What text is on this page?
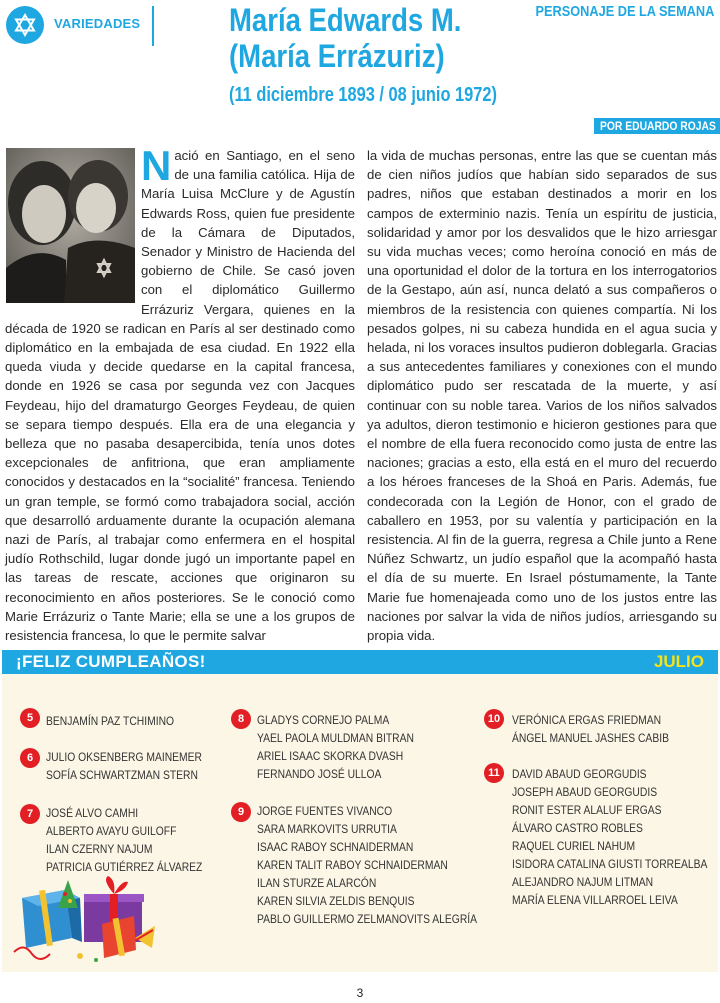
VARIEDADES	María Edwards M.
(María Errázuriz)
(11 diciembre 1893 / 08 junio 1972)
PERSONAJE DE LA SEMANA
POR EDUARDO ROJAS
N ació en Santiago, en el seno de una familia católica. Hija de María Luisa McClure y de Agustín Edwards Ross, quien fue presidente de la Cámara de Diputados, Senador y Ministro de Hacienda del gobierno de Chile. Se casó joven con el diplomático Guillermo Errázuriz Vergara, quienes en la década de 1920 se radican en París al ser destinado como diplomático en la embajada de esa ciudad. En 1922 ella queda viuda y decide quedarse en la capital francesa, donde en 1926 se casa por segunda vez con Jacques Feydeau, hijo del dramaturgo Georges Feydeau, de quien se separa tiempo después. Ella era de una elegancia y belleza que no pasaba desapercibida, tenía unos dotes excepcionales de anfitriona, que eran ampliamente conocidos y destacados en la “socialité” francesa. Teniendo un gran temple, se formó como trabajadora social, acción que desarrolló arduamente durante la ocupación alemana nazi de París, al trabajar como enfermera en el hospital judío Rothschild, lugar donde jugó un importante papel en las tareas de rescate, acciones que originaron su reconocimiento en años posteriores. Se le conoció como Marie Errázuriz o Tante Marie; ella se une a los grupos de resistencia francesa, lo que le permite salvar
la vida de muchas personas, entre las que se cuentan más de cien niños judíos que habían sido separados de sus padres, niños que estaban destinados a morir en los campos de exterminio nazis. Tenía un espíritu de justicia, solidaridad y amor por los desvalidos que le hizo arriesgar su vida muchas veces; como heroína conoció en más de una oportunidad el dolor de la tortura en los interrogatorios de la Gestapo, aún así, nunca delató a sus compañeros o miembros de la resistencia con quienes compartía. Ni los pesados golpes, ni su cabeza hundida en el agua sucia y helada, ni los voraces insultos pudieron doblegarla. Gracias a sus antecedentes familiares y conexiones con el mundo diplomático pudo ser rescatada de la muerte, y así continuar con su noble tarea. Varios de los niños salvados ya adultos, dieron testimonio e hicieron gestiones para que el nombre de ella fuera reconocido como justa de entre las naciones; gracias a esto, ella está en el muro del recuerdo a los héroes franceses de la Shoá en Paris. Además, fue condecorada con la Legión de Honor, con el grado de caballero en 1953, por su valentía y participación en la resistencia. Al fin de la guerra, regresa a Chile junto a Rene Núñez Schwartz, un judío español que la acompañó hasta el día de su muerte. En Israel póstumamente, la Tante Marie fue homenajeada como uno de los justos entre las naciones por salvar la vida de niños judíos, arriesgando su propia vida.
¡FELIZ CUMPLEAÑOS!	JULIO
5	BENJAMÍN PAZ TCHIMINO
6	JULIO OKSENBERG MAINEMER
SOFÍA SCHWARTZMAN STERN
7	JOSÉ ALVO CAMHI
ALBERTO AVAYU GUILOFF
ILAN CZERNY NAJUM
PATRICIA GUTIÉRREZ ÁLVAREZ
8	GLADYS CORNEJO PALMA
YAEL PAOLA MULDMAN BITRAN
ARIEL ISAAC SKORKA DVASH
FERNANDO JOSÉ ULLOA
9	JORGE FUENTES VIVANCO
SARA MARKOVITS URRUTIA
ISAAC RABOY SCHNAIDERMAN
KAREN TALIT RABOY SCHNAIDERMAN
ILAN STURZE ALARCÓN
KAREN SILVIA ZELDIS BENQUIS
PABLO GUILLERMO ZELMANOVITS ALEGRÍA
10 VERÓNICA ERGAS FRIEDMAN
ÁNGEL MANUEL JASHES CABIB
11	DAVID ABAUD GEORGUDIS
JOSEPH ABAUD GEORGUDIS
RONIT ESTER ALALUF ERGAS
ÁLVARO CASTRO ROBLES
RAQUEL CURIEL NAHUM
ISIDORA CATALINA GIUSTI TORREALBA
ALEJANDRO NAJUM LITMAN
MARÍA ELENA VILLARROEL LEIVA
3
